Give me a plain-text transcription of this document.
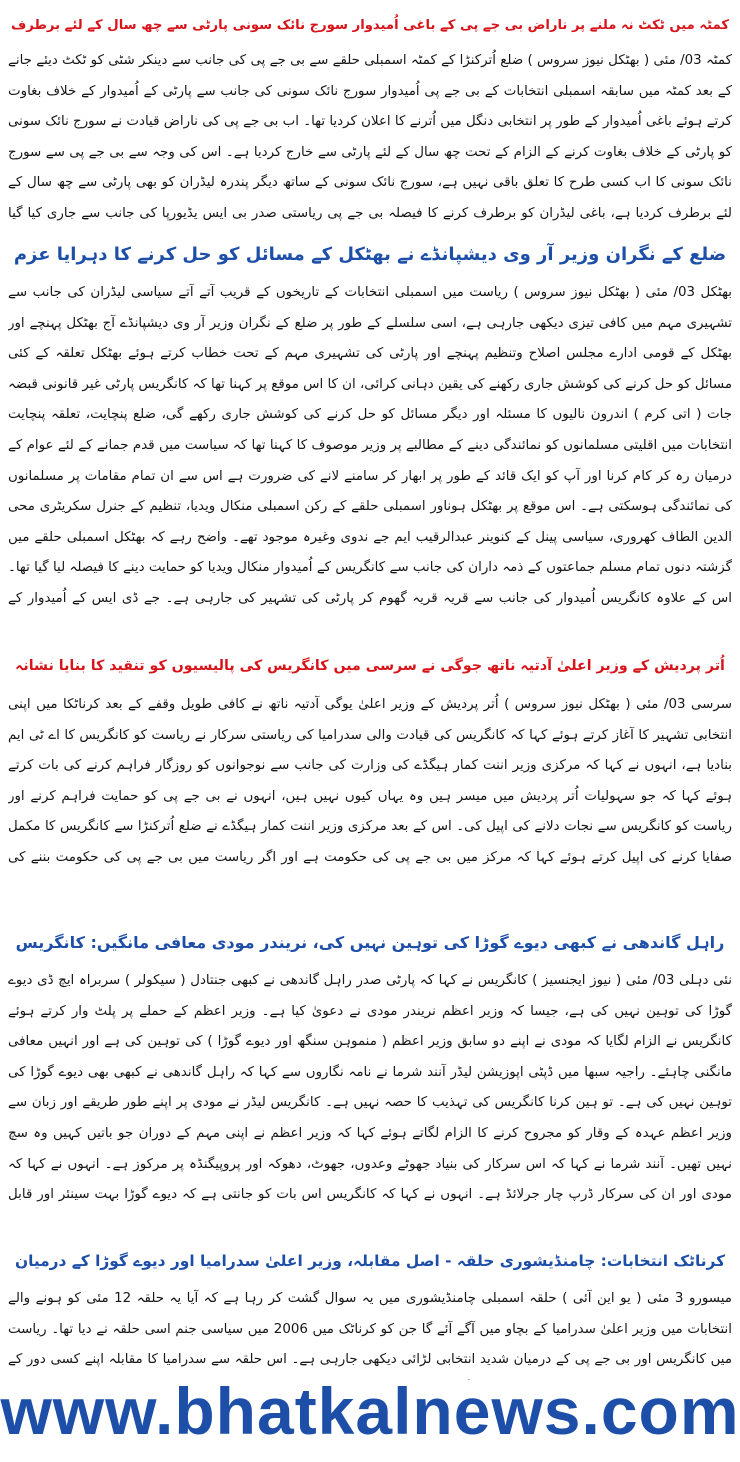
کمٹہ میں ٹکٹ نہ ملنے پر ناراض بی جے پی کے باغی اُمیدوار سورج نائک سونی پارٹی سے چھ سال کے لئے برطرف
کمٹہ 03/ مئی ( بھٹکل نیوز سروس ) ضلع اُترکنڑا کے کمٹہ اسمبلی حلقے سے بی جے پی کی جانب سے دینکر شٹی کو ٹکٹ دیئے جانے کے بعد کمٹہ میں سابقہ اسمبلی انتخابات کے بی جے پی اُمیدوار سورج نائک سونی کی جانب سے پارٹی کے اُمیدوار کے خلاف بغاوت کرتے ہوئے باغی اُمیدوار کے طور پر انتخابی دنگل میں اُترنے کا اعلان کردیا تھا۔ اب بی جے پی کی ناراض قیادت نے سورج نائک سونی کو پارٹی کے خلاف بغاوت کرنے کے الزام کے تحت چھ سال کے لئے پارٹی سے خارج کردیا ہے۔ اس کی وجہ سے بی جے پی سے سورج نائک سونی کا اب کسی طرح کا تعلق باقی نہیں ہے، سورج نائک سونی کے ساتھ دیگر پندرہ لیڈران کو بھی پارٹی سے چھ سال کے لئے برطرف کردیا ہے، باغی لیڈران کو برطرف کرنے کا فیصلہ بی جے پی ریاستی صدر بی ایس یڈیورپا کی جانب سے جاری کیا گیا
ضلع کے نگران وزیر آر وی دیشپانڈے نے بھٹکل کے مسائل کو حل کرنے کا دہرایا عزم
بھٹکل 03/ مئی ( بھٹکل نیوز سروس ) ریاست میں اسمبلی انتخابات کے تاریخوں کے قریب آتے آتے سیاسی لیڈران کی جانب سے تشہیری مہم میں کافی تیزی دیکھی جارہی ہے، اسی سلسلے کے طور پر ضلع کے نگران وزیر آر وی دیشپانڈے آج بھٹکل پہنچے اور بھٹکل کے قومی ادارے مجلس اصلاح وتنظیم پہنچے اور پارٹی کی تشہیری مہم کے تحت خطاب کرتے ہوئے بھٹکل تعلقہ کے کئی مسائل کو حل کرنے کی کوشش جاری رکھنے کی یقین دہانی کرائی، ان کا اس موقع پر کہنا تھا کہ کانگریس پارٹی غیر قانونی قبضہ جات ( اتی کرم ) اندرون نالیوں کا مسئلہ اور دیگر مسائل کو حل کرنے کی کوشش جاری رکھے گی، ضلع پنچایت، تعلقہ پنچایت انتخابات میں اقلیتی مسلمانوں کو نمائندگی دینے کے مطالبے پر وزیر موصوف کا کہنا تھا کہ سیاست میں قدم جمانے کے لئے عوام کے درمیان رہ کر کام کرنا اور آپ کو ایک قائد کے طور پر ابھار کر سامنے لانے کی ضرورت ہے اس سے ان تمام مقامات پر مسلمانوں کی نمائندگی ہوسکتی ہے۔ اس موقع پر بھٹکل ہوناور اسمبلی حلقے کے رکن اسمبلی منکال ویدیا، تنظیم کے جنرل سکریٹری محی الدین الطاف کھروری، سیاسی پینل کے کنوینر عبدالرقیب ایم جے ندوی وغیرہ موجود تھے۔ واضح رہے کہ بھٹکل اسمبلی حلقے میں گزشتہ دنوں تمام مسلم جماعتوں کے ذمہ داران کی جانب سے کانگریس کے اُمیدوار منکال ویدیا کو حمایت دینے کا فیصلہ لیا گیا تھا۔ اس کے علاوہ کانگریس اُمیدوار کی جانب سے قریہ قریہ گھوم کر پارٹی کی تشہیر کی جارہی ہے۔ جے ڈی ایس کے اُمیدوار کے
اُتر پردیش کے وزیر اعلیٰ آدتیہ ناتھ جوگی نے سرسی میں کانگریس کی پالیسیوں کو تنقید کا بنایا نشانہ
سرسی 03/ مئی ( بھٹکل نیوز سروس ) اُتر پردیش کے وزیر اعلیٰ یوگی آدتیہ ناتھ نے کافی طویل وقفے کے بعد کرناٹکا میں اپنی انتخابی تشہیر کا آغاز کرتے ہوئے کہا کہ کانگریس کی قیادت والی سدرامیا کی ریاستی سرکار نے ریاست کو کانگریس کا اے ٹی ایم بنادیا ہے، انہوں نے کہا کہ مرکزی وزیر اننت کمار ہیگڈے کی وزارت کی جانب سے نوجوانوں کو روزگار فراہم کرنے کی بات کرتے ہوئے کہا کہ جو سہولیات اُتر پردیش میں میسر ہیں وہ یہاں کیوں نہیں ہیں، انہوں نے بی جے پی کو حمایت فراہم کرنے اور ریاست کو کانگریس سے نجات دلانے کی اپیل کی۔ اس کے بعد مرکزی وزیر اننت کمار ہیگڈے نے ضلع اُترکنڑا سے کانگریس کا مکمل صفایا کرنے کی اپیل کرتے ہوئے کہا کہ مرکز میں بی جے پی کی حکومت ہے اور اگر ریاست میں بی جے پی کی حکومت بننے کی
راہل گاندھی نے کبھی دیوے گوڑا کی توہین نہیں کی، نریندر مودی معافی مانگیں: کانگریس
نئی دہلی 03/ مئی ( نیوز ایجنسیز ) کانگریس نے کہا کہ پارٹی صدر راہل گاندھی نے کبھی جنتادل ( سیکولر ) سربراہ ایچ ڈی دیوے گوڑا کی توہین نہیں کی ہے، جیسا کہ وزیر اعظم نریندر مودی نے دعویٰ کیا ہے۔ وزیر اعظم کے حملے پر پلٹ وار کرتے ہوئے کانگریس نے الزام لگایا کہ مودی نے اپنے دو سابق وزیر اعظم ( منموہن سنگھ اور دیوے گوڑا ) کی توہین کی ہے اور انہیں معافی مانگنی چاہئے۔ راجیہ سبھا میں ڈپٹی اپوزیشن لیڈر آنند شرما نے نامہ نگاروں سے کہا کہ راہل گاندھی نے کبھی بھی دیوے گوڑا کی توہین نہیں کی ہے۔ تو ہین کرنا کانگریس کی تہذیب کا حصہ نہیں ہے۔ کانگریس لیڈر نے مودی پر اپنے طور طریقے اور زبان سے وزیر اعظم عہدہ کے وقار کو مجروح کرنے کا الزام لگاتے ہوئے کہا کہ وزیر اعظم نے اپنی مہم کے دوران جو باتیں کہیں وہ سچ نہیں تھیں۔ آنند شرما نے کہا کہ اس سرکار کی بنیاد جھوٹے وعدوں، جھوٹ، دھوکہ اور پروپیگنڈہ پر مرکوز ہے۔ انہوں نے کہا کہ مودی اور ان کی سرکار ڈرپ چار جرلائڈ ہے۔ انہوں نے کہا کہ کانگریس اس بات کو جانتی ہے کہ دیوے گوڑا بہت سینئر اور قابل
کرناٹک انتخابات: چامنڈیشوری حلقہ - اصل مقابلہ، وزیر اعلیٰ سدرامیا اور دیوے گوڑا کے درمیان
میسورو 3 مئی ( یو این آئی ) حلقہ اسمبلی چامنڈیشوری میں یہ سوال گشت کر رہا ہے کہ آیا یہ حلقہ 12 مئی کو ہونے والے انتخابات میں وزیر اعلیٰ سدرامیا کے بچاو میں آگے آئے گا جن کو کرناٹک میں 2006 میں سیاسی جنم اسی حلقہ نے دیا تھا۔ ریاست میں کانگریس اور بی جے پی کے درمیان شدید انتخابی لڑائی دیکھی جارہی ہے۔ اس حلقہ سے سدرامیا کا مقابلہ اپنے کسی دور کے
www.bhatkalnews.com
